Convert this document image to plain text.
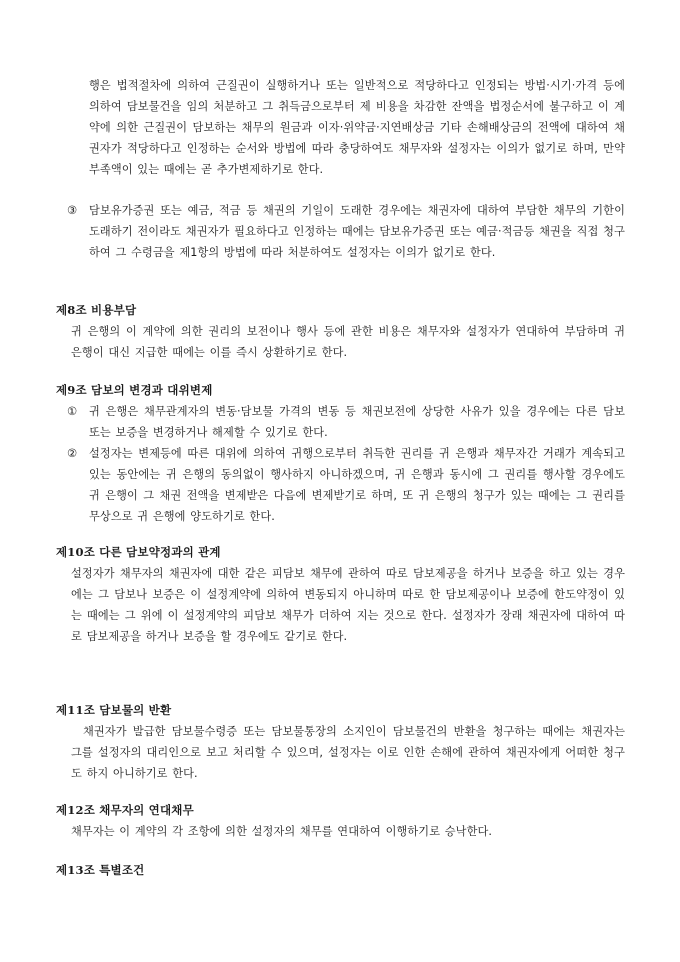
행은 법적절차에 의하여 근질권이 실행하거나 또는 일반적으로 적당하다고 인정되는 방법·시기·가격 등에 의하여 담보물건을 임의 처분하고 그 취득금으로부터 제 비용을 차감한 잔액을 법정순서에 불구하고 이 계약에 의한 근질권이 담보하는 채무의 원금과 이자·위약금·지연배상금 기타 손해배상금의 전액에 대하여 채권자가 적당하다고 인정하는 순서와 방법에 따라 충당하여도 채무자와 설정자는 이의가 없기로 하며, 만약 부족액이 있는 때에는 곧 추가변제하기로 한다.
③ 담보유가증권 또는 예금, 적금 등 채권의 기일이 도래한 경우에는 채권자에 대하여 부담한 채무의 기한이 도래하기 전이라도 채권자가 필요하다고 인정하는 때에는 담보유가증권 또는 예금·적금등 채권을 직접 청구하여 그 수령금을 제1항의 방법에 따라 처분하여도 설정자는 이의가 없기로 한다.
제8조 비용부담
귀 은행의 이 계약에 의한 권리의 보전이나 행사 등에 관한 비용은 채무자와 설정자가 연대하여 부담하며 귀 은행이 대신 지급한 때에는 이를 즉시 상환하기로 한다.
제9조 담보의 변경과 대위변제
① 귀 은행은 채무관계자의 변동·담보물 가격의 변동 등 채권보전에 상당한 사유가 있을 경우에는 다른 담보 또는 보증을 변경하거나 해제할 수 있기로 한다.
② 설정자는 변제등에 따른 대위에 의하여 귀행으로부터 취득한 권리를 귀 은행과 채무자간 거래가 계속되고 있는 동안에는 귀 은행의 동의없이 행사하지 아니하겠으며, 귀 은행과 동시에 그 권리를 행사할 경우에도 귀 은행이 그 채권 전액을 변제받은 다음에 변제받기로 하며, 또 귀 은행의 청구가 있는 때에는 그 권리를 무상으로 귀 은행에 양도하기로 한다.
제10조 다른 담보약정과의 관계
설정자가 채무자의 채권자에 대한 같은 피담보 채무에 관하여 따로 담보제공을 하거나 보증을 하고 있는 경우에는 그 담보나 보증은 이 설정계약에 의하여 변동되지 아니하며 따로 한 담보제공이나 보증에 한도약정이 있는 때에는 그 위에 이 설정계약의 피담보 채무가 더하여 지는 것으로 한다. 설정자가 장래 채권자에 대하여 따로 담보제공을 하거나 보증을 할 경우에도 같기로 한다.
제11조 담보물의 반환
채권자가 발급한 담보물수령증 또는 담보물통장의 소지인이 담보물건의 반환을 청구하는 때에는 채권자는 그를 설정자의 대리인으로 보고 처리할 수 있으며, 설정자는 이로 인한 손해에 관하여 채권자에게 어떠한 청구도 하지 아니하기로 한다.
제12조 채무자의 연대채무
채무자는 이 계약의 각 조항에 의한 설정자의 채무를 연대하여 이행하기로 승낙한다.
제13조 특별조건
